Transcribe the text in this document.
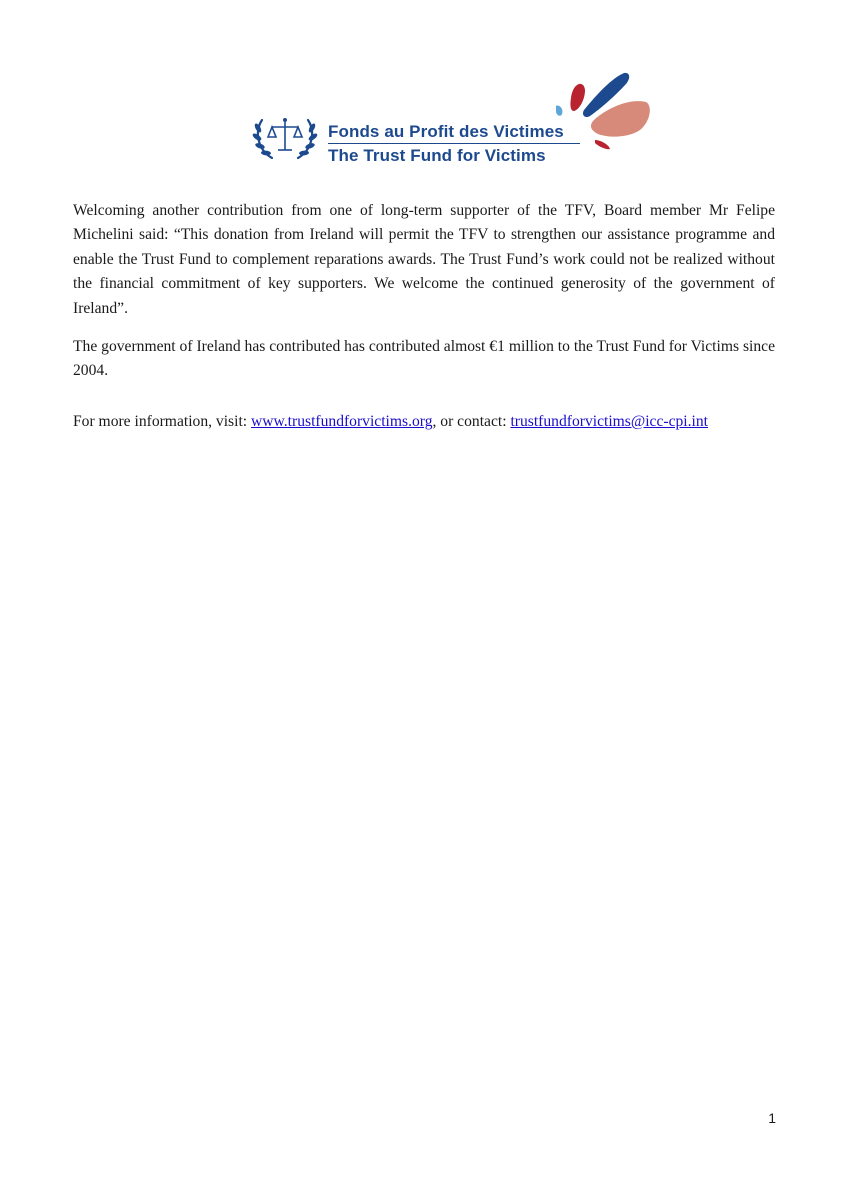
Fonds au Profit des Victimes
The Trust Fund for Victims

Welcoming another contribution from one of long-term supporter of the TFV, Board member Mr Felipe Michelini said: “This donation from Ireland will permit the TFV to strengthen our assistance programme and enable the Trust Fund to complement reparations awards. The Trust Fund’s work could not be realized without the financial commitment of key supporters. We welcome the continued generosity of the government of Ireland”.

The government of Ireland has contributed has contributed almost €1 million to the Trust Fund for Victims since 2004.

For more information, visit: www.trustfundforvictims.org, or contact: trustfundforvictims@icc-cpi.int

1
